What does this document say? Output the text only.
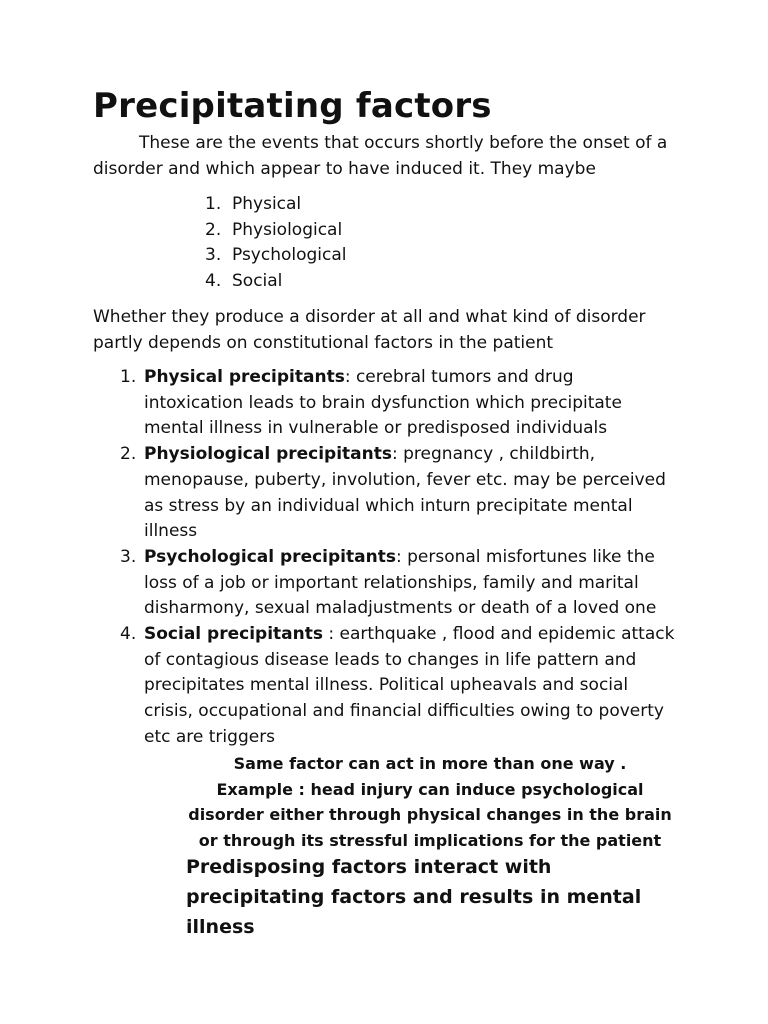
Precipitating factors

These are the events that occurs shortly before the onset of a disorder and which appear to have induced it. They maybe

1. Physical
2. Physiological
3. Psychological
4. Social

Whether they produce a disorder at all and what kind of disorder partly depends on constitutional factors in the patient

1. Physical precipitants: cerebral tumors and drug intoxication leads to brain dysfunction which precipitate mental illness in vulnerable or predisposed individuals
2. Physiological precipitants: pregnancy , childbirth, menopause, puberty, involution, fever etc. may be perceived as stress by an individual which inturn precipitate mental illness
3. Psychological precipitants: personal misfortunes like the loss of a job or important relationships, family and marital disharmony, sexual maladjustments or death of a loved one
4. Social precipitants : earthquake , flood and epidemic attack of contagious disease leads to changes in life pattern and precipitates mental illness. Political upheavals and social crisis, occupational and financial difficulties owing to poverty etc are triggers
Same factor can act in more than one way .
Example : head injury can induce psychological disorder either through physical changes in the brain or through its stressful implications for the patient

Predisposing factors interact with precipitating factors and results in mental illness
